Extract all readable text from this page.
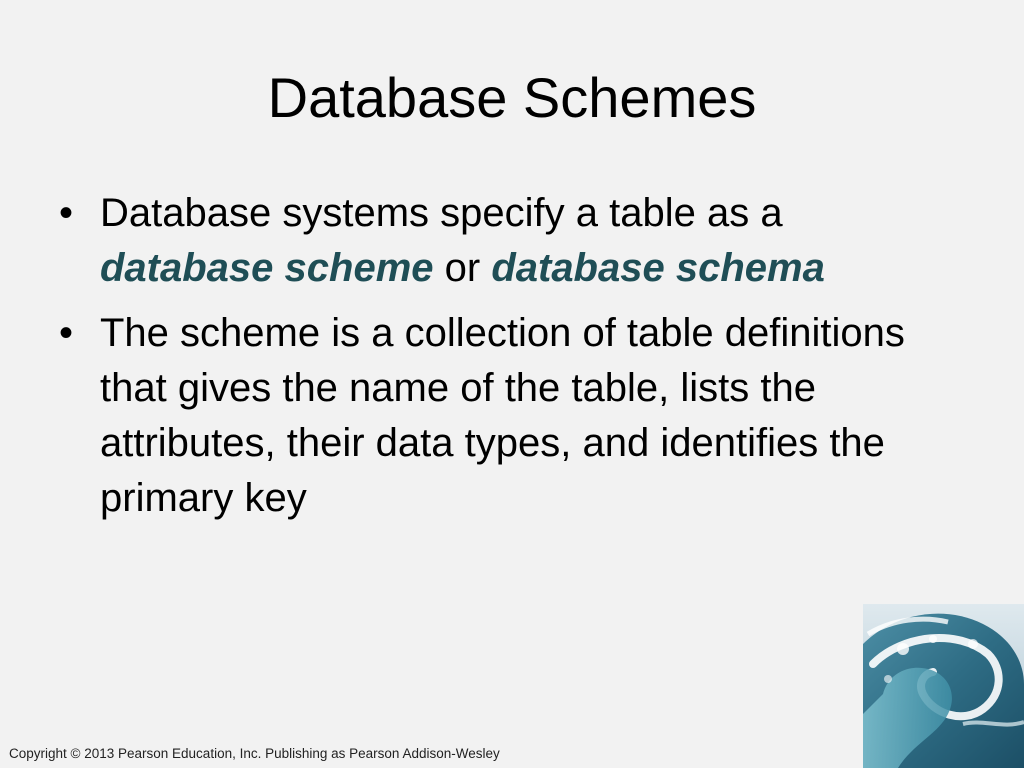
Database Schemes
• Database systems specify a table as a database scheme or database schema
• The scheme is a collection of table definitions that gives the name of the table, lists the attributes, their data types, and identifies the primary key
Copyright © 2013 Pearson Education, Inc. Publishing as Pearson Addison-Wesley
